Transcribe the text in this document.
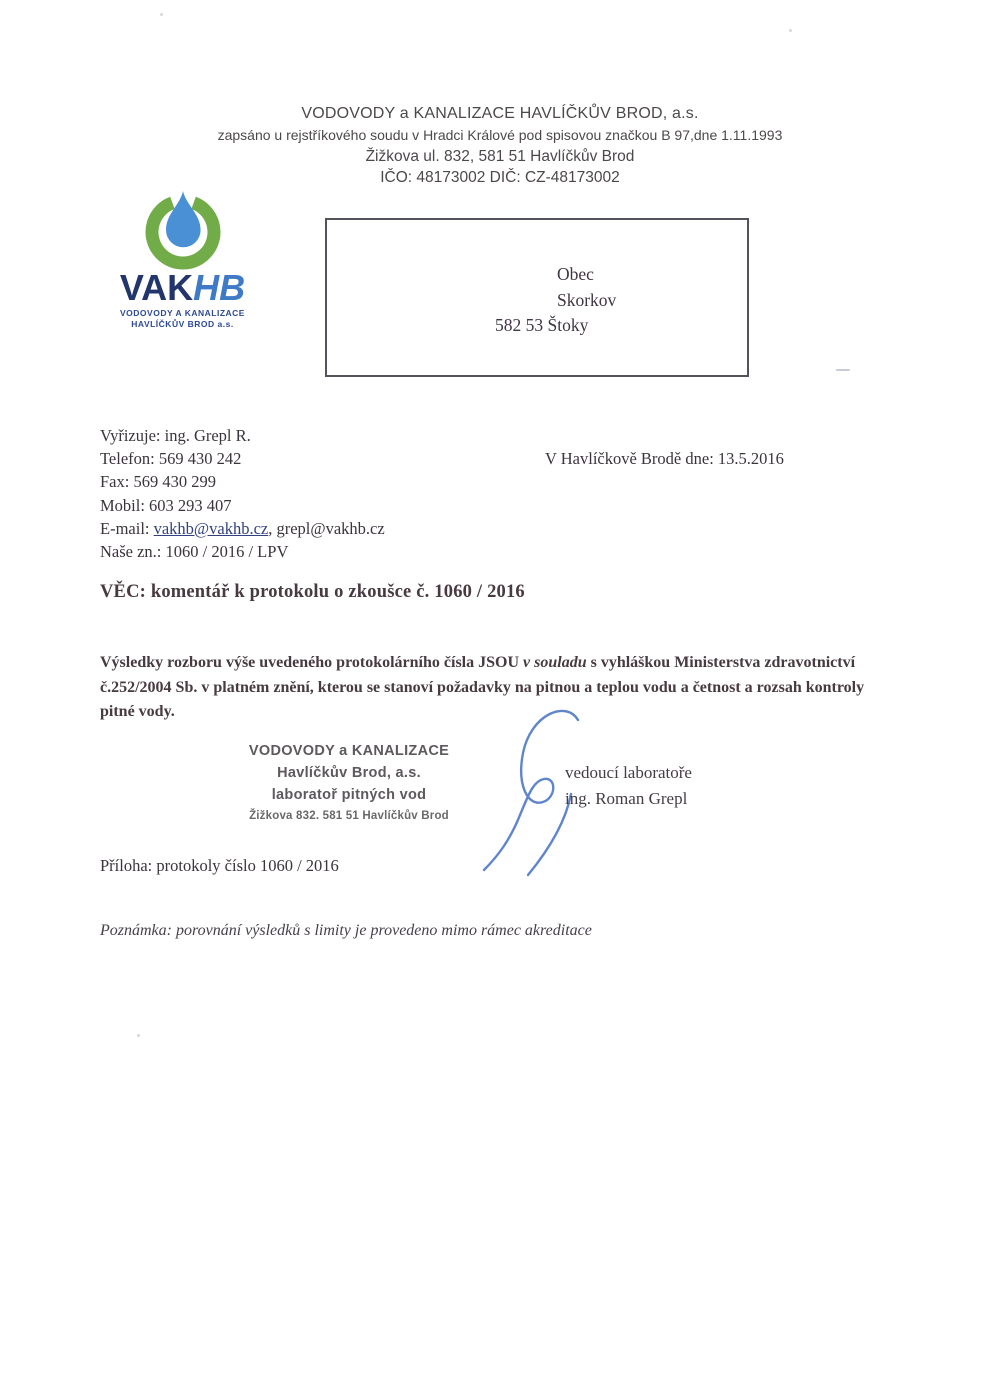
VODOVODY a KANALIZACE HAVLÍČKŮV BROD, a.s.
zapsáno u rejstříkového soudu v Hradci Králové pod spisovou značkou B 97,dne 1.11.1993
Žižkova ul. 832, 581 51 Havlíčkův Brod
IČO: 48173002 DIČ: CZ-48173002
VAKHB
VODOVODY A KANALIZACE
HAVLÍČKŮV BROD a.s.
Obec
Skorkov
582 53 Štoky
Vyřizuje: ing. Grepl R.
Telefon: 569 430 242
Fax: 569 430 299
Mobil: 603 293 407
E-mail: vakhb@vakhb.cz, grepl@vakhb.cz
Naše zn.: 1060 / 2016 / LPV
V Havlíčkově Brodě dne: 13.5.2016
VĚC: komentář k protokolu o zkoušce č. 1060 / 2016
Výsledky rozboru výše uvedeného protokolárního čísla JSOU v souladu s vyhláškou Ministerstva zdravotnictví č.252/2004 Sb. v platném znění, kterou se stanoví požadavky na pitnou a teplou vodu a četnost a rozsah kontroly pitné vody.
VODOVODY a KANALIZACE
Havlíčkův Brod, a.s.
laboratoř pitných vod
Žižkova 832. 581 51 Havlíčkův Brod
vedoucí laboratoře
ing. Roman Grepl
Příloha: protokoly číslo 1060 / 2016
Poznámka: porovnání výsledků s limity je provedeno mimo rámec akreditace
